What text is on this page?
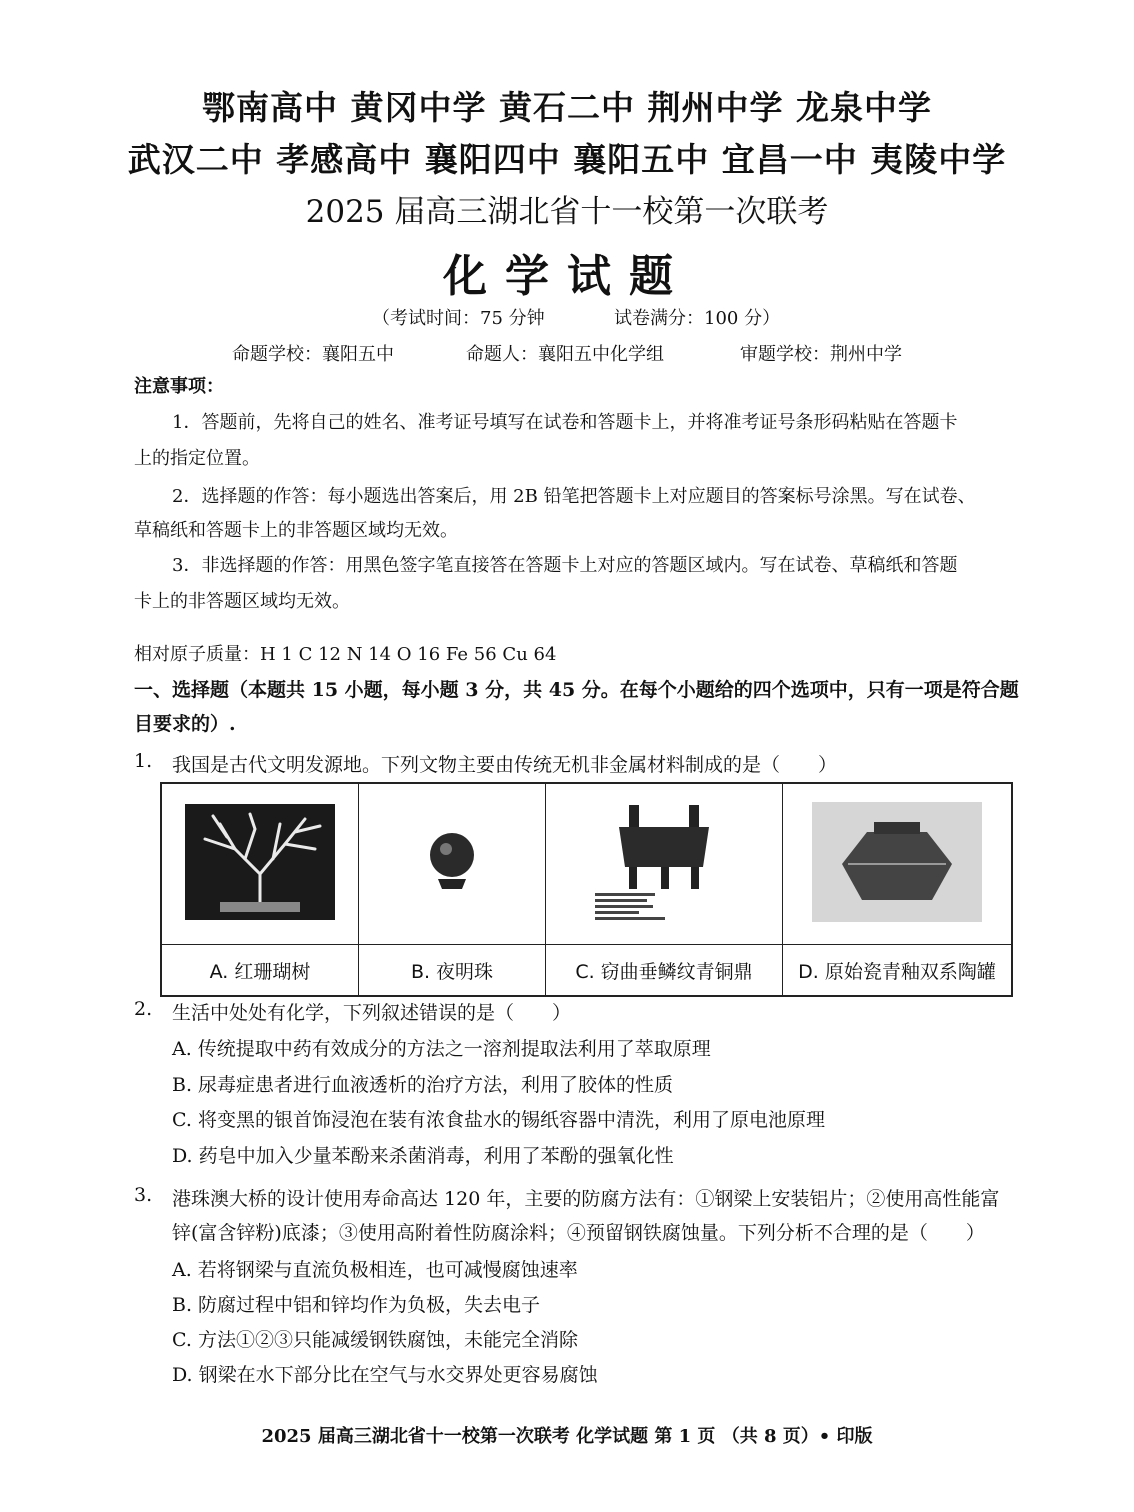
鄂南高中 黄冈中学 黄石二中 荆州中学 龙泉中学
武汉二中 孝感高中 襄阳四中 襄阳五中 宜昌一中 夷陵中学
2025 届高三湖北省十一校第一次联考
化学试题
（考试时间：75 分钟	试卷满分：100 分）
命题学校：襄阳五中	命题人：襄阳五中化学组	审题学校：荆州中学
注意事项：
1．答题前，先将自己的姓名、准考证号填写在试卷和答题卡上，并将准考证号条形码粘贴在答题卡
上的指定位置。
2．选择题的作答：每小题选出答案后，用 2B 铅笔把答题卡上对应题目的答案标号涂黑。写在试卷、
草稿纸和答题卡上的非答题区域均无效。
3．非选择题的作答：用黑色签字笔直接答在答题卡上对应的答题区域内。写在试卷、草稿纸和答题
卡上的非答题区域均无效。
相对原子质量：H 1 C 12 N 14 O 16 Fe 56 Cu 64
一、选择题（本题共 15 小题，每小题 3 分，共 45 分。在每个小题给的四个选项中，只有一项是符合题
目要求的）.
1. 我国是古代文明发源地。下列文物主要由传统无机非金属材料制成的是（　　）

A. 红珊瑚树	B. 夜明珠	C. 窃曲垂鳞纹青铜鼎	D. 原始瓷青釉双系陶罐
2. 生活中处处有化学，下列叙述错误的是（　　）
A. 传统提取中药有效成分的方法之一溶剂提取法利用了萃取原理
B. 尿毒症患者进行血液透析的治疗方法，利用了胶体的性质
C. 将变黑的银首饰浸泡在装有浓食盐水的锡纸容器中清洗，利用了原电池原理
D. 药皂中加入少量苯酚来杀菌消毒，利用了苯酚的强氧化性
3. 港珠澳大桥的设计使用寿命高达 120 年，主要的防腐方法有：①钢梁上安装铝片；②使用高性能富
锌(富含锌粉)底漆；③使用高附着性防腐涂料；④预留钢铁腐蚀量。下列分析不合理的是（　　）
A. 若将钢梁与直流负极相连，也可减慢腐蚀速率
B. 防腐过程中铝和锌均作为负极，失去电子
C. 方法①②③只能减缓钢铁腐蚀，未能完全消除
D. 钢梁在水下部分比在空气与水交界处更容易腐蚀
2025 届高三湖北省十一校第一次联考 化学试题 第 1 页 （共 8 页）• 印版
